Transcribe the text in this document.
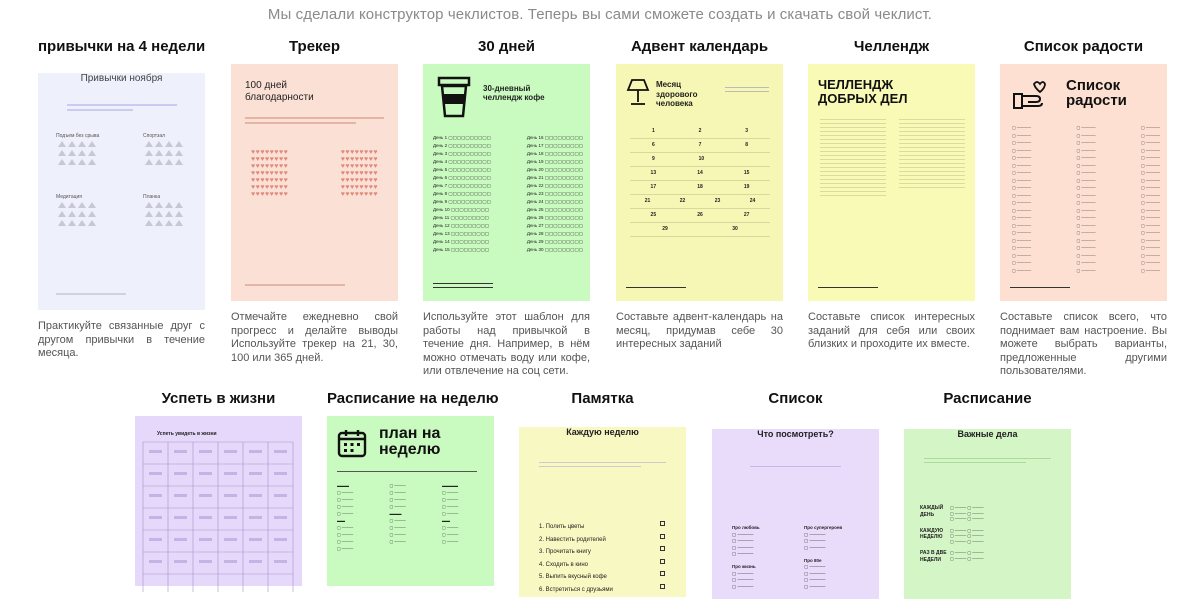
Мы сделали конструктор чеклистов. Теперь вы сами сможете создать и скачать свой чеклист.
привычки на 4 недели
Привычки ноября
Подъем без срыва	Спортзал
Медитация	Планка
Практикуйте связанные друг с другом привычки в течение месяца.
Трекер
100 дней благодарности
♥♥♥♥♥♥♥♥
♥♥♥♥♥♥♥♥
♥♥♥♥♥♥♥♥
♥♥♥♥♥♥♥♥
♥♥♥♥♥♥♥♥
♥♥♥♥♥♥♥♥
♥♥♥♥♥♥♥♥
♥♥♥♥♥♥♥♥
♥♥♥♥♥♥♥♥
♥♥♥♥♥♥♥♥
♥♥♥♥♥♥♥♥
♥♥♥♥♥♥♥♥
♥♥♥♥♥♥♥♥
♥♥♥♥♥♥♥♥
Отмечайте ежедневно свой прогресс и делайте выводы Используйте трекер на 21, 30, 100 или 365 дней.
30 дней
30-дневный челлендж кофе
День 1 ▢▢▢▢▢▢▢▢▢▢
День 2 ▢▢▢▢▢▢▢▢▢▢
День 3 ▢▢▢▢▢▢▢▢▢▢
День 4 ▢▢▢▢▢▢▢▢▢▢
День 5 ▢▢▢▢▢▢▢▢▢▢
День 6 ▢▢▢▢▢▢▢▢▢▢
День 7 ▢▢▢▢▢▢▢▢▢▢
День 8 ▢▢▢▢▢▢▢▢▢▢
День 9 ▢▢▢▢▢▢▢▢▢▢
День 10 ▢▢▢▢▢▢▢▢▢
День 11 ▢▢▢▢▢▢▢▢▢
День 12 ▢▢▢▢▢▢▢▢▢
День 13 ▢▢▢▢▢▢▢▢▢
День 14 ▢▢▢▢▢▢▢▢▢
День 15 ▢▢▢▢▢▢▢▢▢
День 16 ▢▢▢▢▢▢▢▢▢
День 17 ▢▢▢▢▢▢▢▢▢
День 18 ▢▢▢▢▢▢▢▢▢
День 19 ▢▢▢▢▢▢▢▢▢
День 20 ▢▢▢▢▢▢▢▢▢
День 21 ▢▢▢▢▢▢▢▢▢
День 22 ▢▢▢▢▢▢▢▢▢
День 23 ▢▢▢▢▢▢▢▢▢
День 24 ▢▢▢▢▢▢▢▢▢
День 25 ▢▢▢▢▢▢▢▢▢
День 26 ▢▢▢▢▢▢▢▢▢
День 27 ▢▢▢▢▢▢▢▢▢
День 28 ▢▢▢▢▢▢▢▢▢
День 29 ▢▢▢▢▢▢▢▢▢
День 30 ▢▢▢▢▢▢▢▢▢
Используйте этот шаблон для работы над привычкой в течение дня. Например, в нём можно отмечать воду или кофе, или отвлечение на соц сети.
Адвент календарь
Месяц здорового человека
1	2	3
6	7	8
9	10
13	14	15
17	18	19
21	22	23	24
25	26	27
29	30
Составьте адвент-календарь на месяц, придумав себе 30 интересных заданий
Челлендж
ЧЕЛЛЕНДЖ ДОБРЫХ ДЕЛ
Составьте список интересных заданий для себя или своих близких и проходите их вместе.
Список радости
Список радости
▢ ─────
▢ ─────
▢ ─────
▢ ─────
▢ ─────
▢ ─────
▢ ─────
▢ ─────
▢ ─────
▢ ─────
▢ ─────
▢ ─────
▢ ─────
▢ ─────
▢ ─────
▢ ─────
▢ ─────
▢ ─────
▢ ─────
▢ ─────
▢ ─────
▢ ─────
▢ ─────
▢ ─────
▢ ─────
▢ ─────
▢ ─────
▢ ─────
▢ ─────
▢ ─────
▢ ─────
▢ ─────
▢ ─────
▢ ─────
▢ ─────
▢ ─────
▢ ─────
▢ ─────
▢ ─────
▢ ─────
▢ ─────
▢ ─────
▢ ─────
▢ ─────
▢ ─────
▢ ─────
▢ ─────
▢ ─────
▢ ─────
▢ ─────
▢ ─────
▢ ─────
▢ ─────
▢ ─────
▢ ─────
▢ ─────
▢ ─────
▢ ─────
▢ ─────
▢ ─────
Составьте список всего, что поднимает вам настроение. Вы можете выбрать варианты, предложенные другими пользователями.
Успеть в жизни
Успеть увидеть в жизни
Расписание на неделю
план на неделю
▬▬▬
▢ ────
▢ ────
▢ ────
▢ ────
▬▬
▢ ────
▢ ────
▢ ────
▢ ────
▢ ────
▢ ────
▢ ────
▢ ────
▬▬▬
▢ ────
▢ ────
▢ ────
▢ ────
▬▬▬▬
▢ ────
▢ ────
▢ ────
▢ ────
▬▬
▢ ────
▢ ────
▢ ────
Памятка
Каждую неделю
1. Полить цветы
2. Навестить родителей
3. Прочитать книгу
4. Сходить в кино
5. Выпить вкусный кофе
6. Встретиться с друзьями
Список
Что посмотреть?
Про любовь
▢ ─────
▢ ─────
▢ ─────
▢ ─────

Про жизнь
▢ ─────
▢ ─────
▢ ─────
Про супергероев
▢ ─────
▢ ─────
▢ ─────

Про 80е
▢ ─────
▢ ─────
▢ ─────
▢ ─────
Расписание
Важные дела
КАЖДЫЙ ДЕНЬ
▢ ──── ▢ ────
▢ ──── ▢ ────
▢ ──── ▢ ────
КАЖДУЮ НЕДЕЛЮ
▢ ──── ▢ ────
▢ ──── ▢ ────
▢ ──── ▢ ────
РАЗ В ДВЕ НЕДЕЛИ
▢ ──── ▢ ────
▢ ──── ▢ ────
